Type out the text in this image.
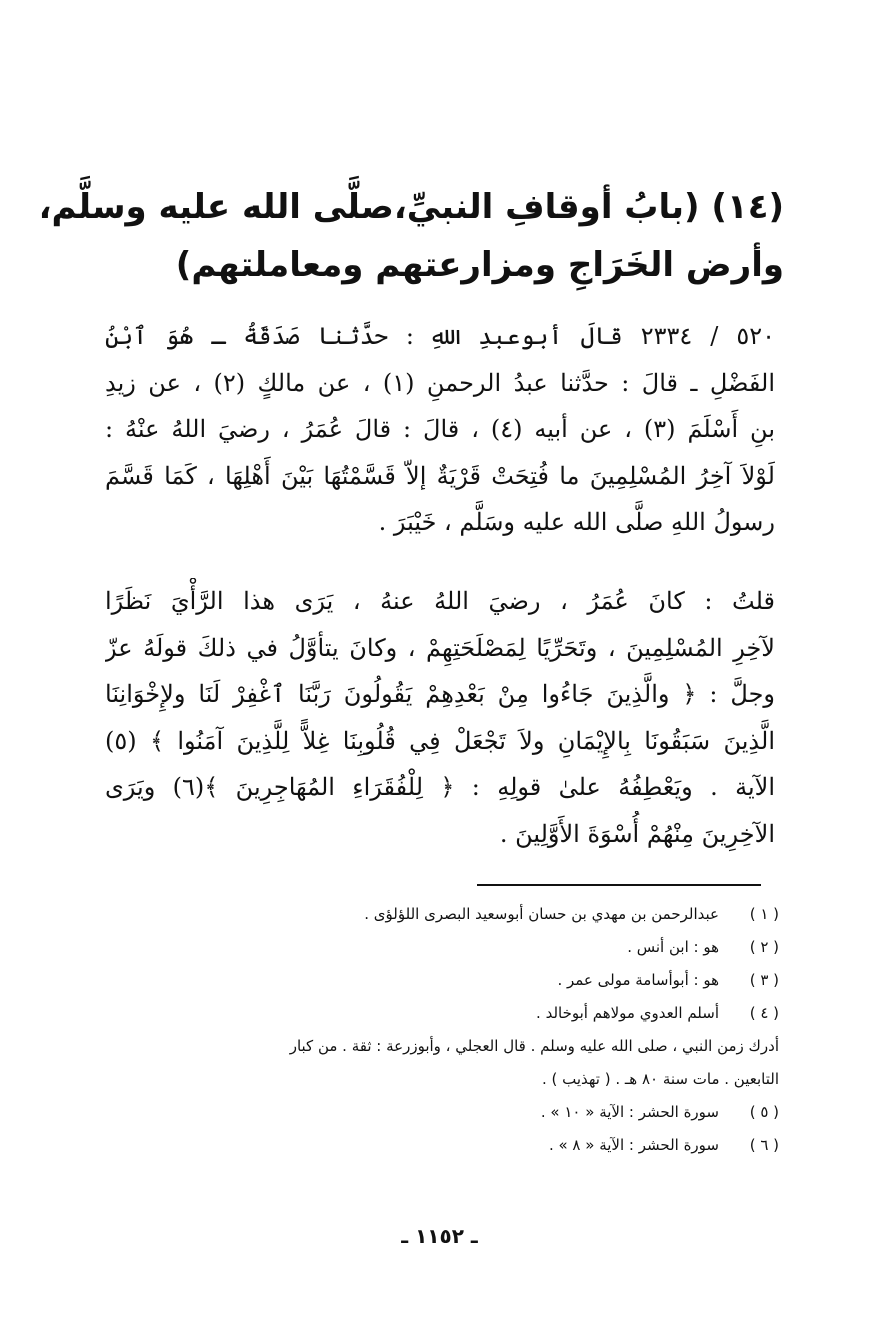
(١٤) (بابُ أوقافِ النبيِّ،صلَّى الله عليه وسلَّم،
وأرض الخَرَاجِ ومزارعتهم ومعاملتهم)

٥٢٠ / ٢٣٣٤ قالَ أبوعبدِ اللهِ : حدَّثنا صَدَقَةُ ـ هُوَ ٱبْنُ
الفَضْلِ ـ قالَ : حدَّثنا عبدُ الرحمنِ (١) ، عن مالكٍ (٢) ، عن زيدِ
بنِ أَسْلَمَ (٣) ، عن أبيه (٤) ، قالَ : قالَ عُمَرُ ، رضيَ اللهُ عنْهُ :
لَوْلاَ آخِرُ المُسْلِمِينَ ما فُتِحَتْ قَرْيَةٌ إلاّ قَسَّمْتُهَا بَيْنَ أَهْلِهَا ، كَمَا قَسَّمَ
رسولُ اللهِ صلَّى الله عليه وسَلَّم ، خَيْبَرَ .

قلتُ : كانَ عُمَرُ ، رضيَ اللهُ عنهُ ، يَرَى هذا الرَّأْيَ نَظَرًا
لآخِرِ المُسْلِمِينَ ، وتَحَرِّيًا لِمَصْلَحَتِهِمْ ، وكانَ يتأوَّلُ في ذلكَ قولَهُ عزّ
وجلَّ : ﴿ والَّذِينَ جَاءُوا مِنْ بَعْدِهِمْ يَقُولُونَ رَبَّنَا ٱغْفِرْ لَنَا ولإِخْوَانِنَا
الَّذِينَ سَبَقُونَا بِالإِيْمَانِ ولاَ تَجْعَلْ فِي قُلُوبِنَا غِلاًّ لِلَّذِينَ آمَنُوا ﴾ (٥)
الآية . ويَعْطِفُهُ علىٰ قولِهِ : ﴿ لِلْفُقَرَاءِ المُهَاجِرِينَ ﴾(٦) ويَرَى
الآخِرِينَ مِنْهُمْ أُسْوَةَ الأَوَّلِينَ .

( ١ )
عبدالرحمن بن مهدي بن حسان أبوسعيد البصرى اللؤلؤى .
( ٢ )
هو : ابن أنس .
( ٣ )
هو : أبوأسامة مولى عمر .
( ٤ )
أسلم العدوي مولاهم أبوخالد .
أدرك زمن النبي ، صلى الله عليه وسلم . قال العجلي ، وأبوزرعة : ثقة . من كبار
التابعين . مات سنة ٨٠ هـ . ( تهذيب ) .
( ٥ )
سورة الحشر : الآية « ١٠ » .
( ٦ )
سورة الحشر : الآية « ٨ » .
ـ ١١٥٢ ـ
